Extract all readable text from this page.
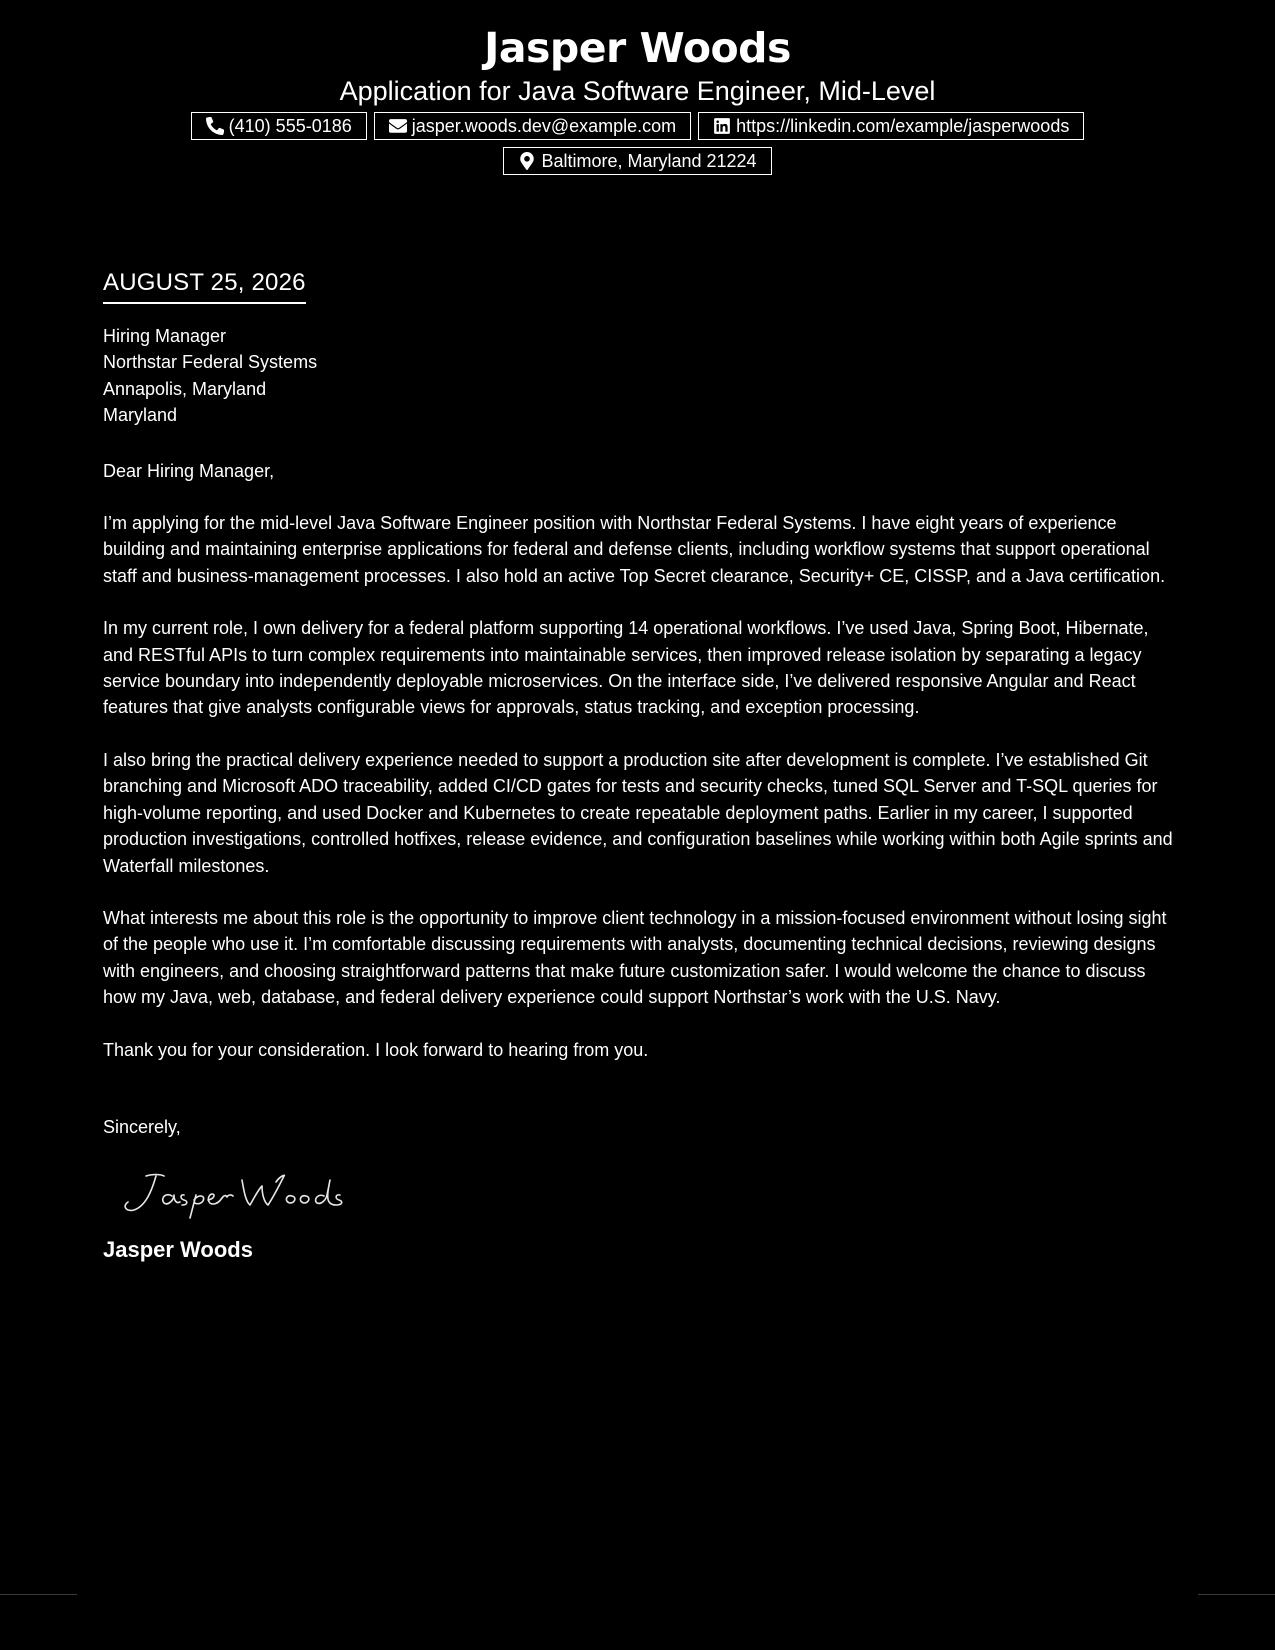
Jasper Woods
Application for Java Software Engineer, Mid-Level
(410) 555-0186	jasper.woods.dev@example.com	https://linkedin.com/example/jasperwoods
Baltimore, Maryland 21224
AUGUST 25, 2026
Hiring Manager
Northstar Federal Systems
Annapolis, Maryland
Maryland
Dear Hiring Manager,

I’m applying for the mid-level Java Software Engineer position with Northstar Federal Systems. I have eight years of experience building and maintaining enterprise applications for federal and defense clients, including workflow systems that support operational staff and business-management processes. I also hold an active Top Secret clearance, Security+ CE, CISSP, and a Java certification.

In my current role, I own delivery for a federal platform supporting 14 operational workflows. I’ve used Java, Spring Boot, Hibernate, and RESTful APIs to turn complex requirements into maintainable services, then improved release isolation by separating a legacy service boundary into independently deployable microservices. On the interface side, I’ve delivered responsive Angular and React features that give analysts configurable views for approvals, status tracking, and exception processing.

I also bring the practical delivery experience needed to support a production site after development is complete. I’ve established Git branching and Microsoft ADO traceability, added CI/CD gates for tests and security checks, tuned SQL Server and T-SQL queries for high-volume reporting, and used Docker and Kubernetes to create repeatable deployment paths. Earlier in my career, I supported production investigations, controlled hotfixes, release evidence, and configuration baselines while working within both Agile sprints and Waterfall milestones.

What interests me about this role is the opportunity to improve client technology in a mission-focused environment without losing sight of the people who use it. I’m comfortable discussing requirements with analysts, documenting technical decisions, reviewing designs with engineers, and choosing straightforward patterns that make future customization safer. I would welcome the chance to discuss how my Java, web, database, and federal delivery experience could support Northstar’s work with the U.S. Navy.

Thank you for your consideration. I look forward to hearing from you.
Sincerely,
Jasper Woods
